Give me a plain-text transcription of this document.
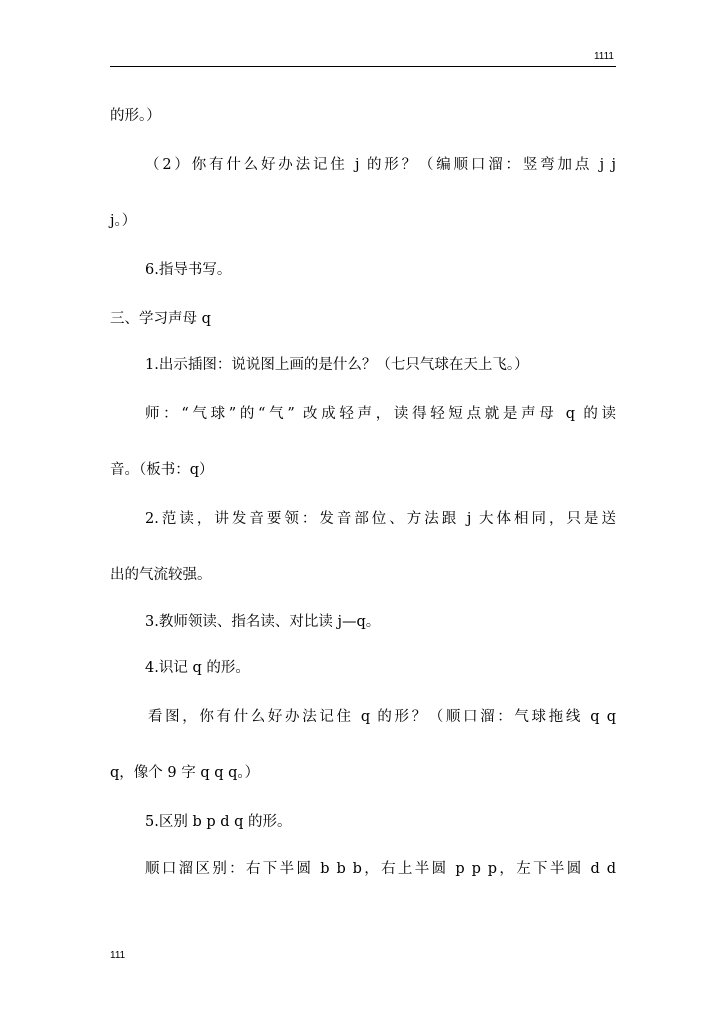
1111
的形。）
（2）你有什么好办法记住 j 的形？（编顺口溜：竖弯加点 j j
j。）
6.指导书写。
三、学习声母 q
1.出示插图：说说图上画的是什么？（七只气球在天上飞。）
师：“气球”的“气” 改成轻声，读得轻短点就是声母 q 的读
音。（板书：q）
2.范读，讲发音要领：发音部位、方法跟 j 大体相同，只是送
出的气流较强。
3.教师领读、指名读、对比读 j—q。
4.识记 q 的形。
看图，你有什么好办法记住 q 的形？（顺口溜：气球拖线 q q
q，像个 9 字 q q q。）
5.区别 b p d q 的形。
顺口溜区别：右下半圆 b b b，右上半圆 p p p，左下半圆 d d
111
